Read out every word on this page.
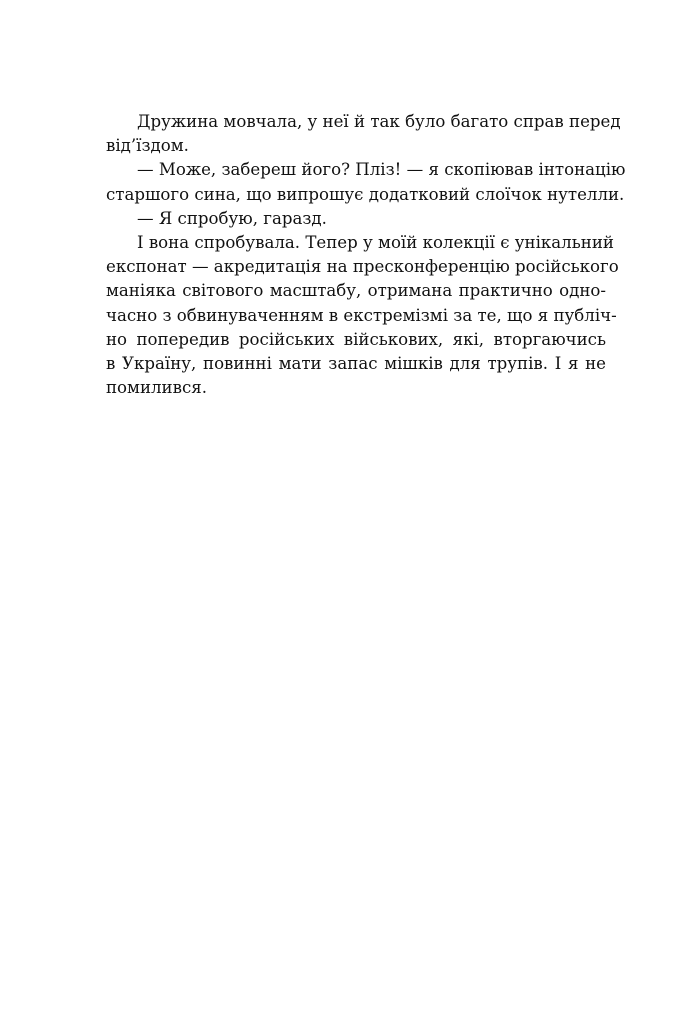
Дружина мовчала, у неї й так було багато справ перед
від’їздом.
— Може, забереш його? Пліз! — я скопіював інтонацію
старшого сина, що випрошує додатковий слоїчок нутелли.
— Я спробую, гаразд.
І вона спробувала. Тепер у моїй колекції є унікальний
експонат — акредитація на пресконференцію російського
маніяка світового масштабу, отримана практично одно-
часно з обвинуваченням в екстремізмі за те, що я публіч-
но попередив російських військових, які, вторгаючись
в Україну, повинні мати запас мішків для трупів. І я не
помилився.
